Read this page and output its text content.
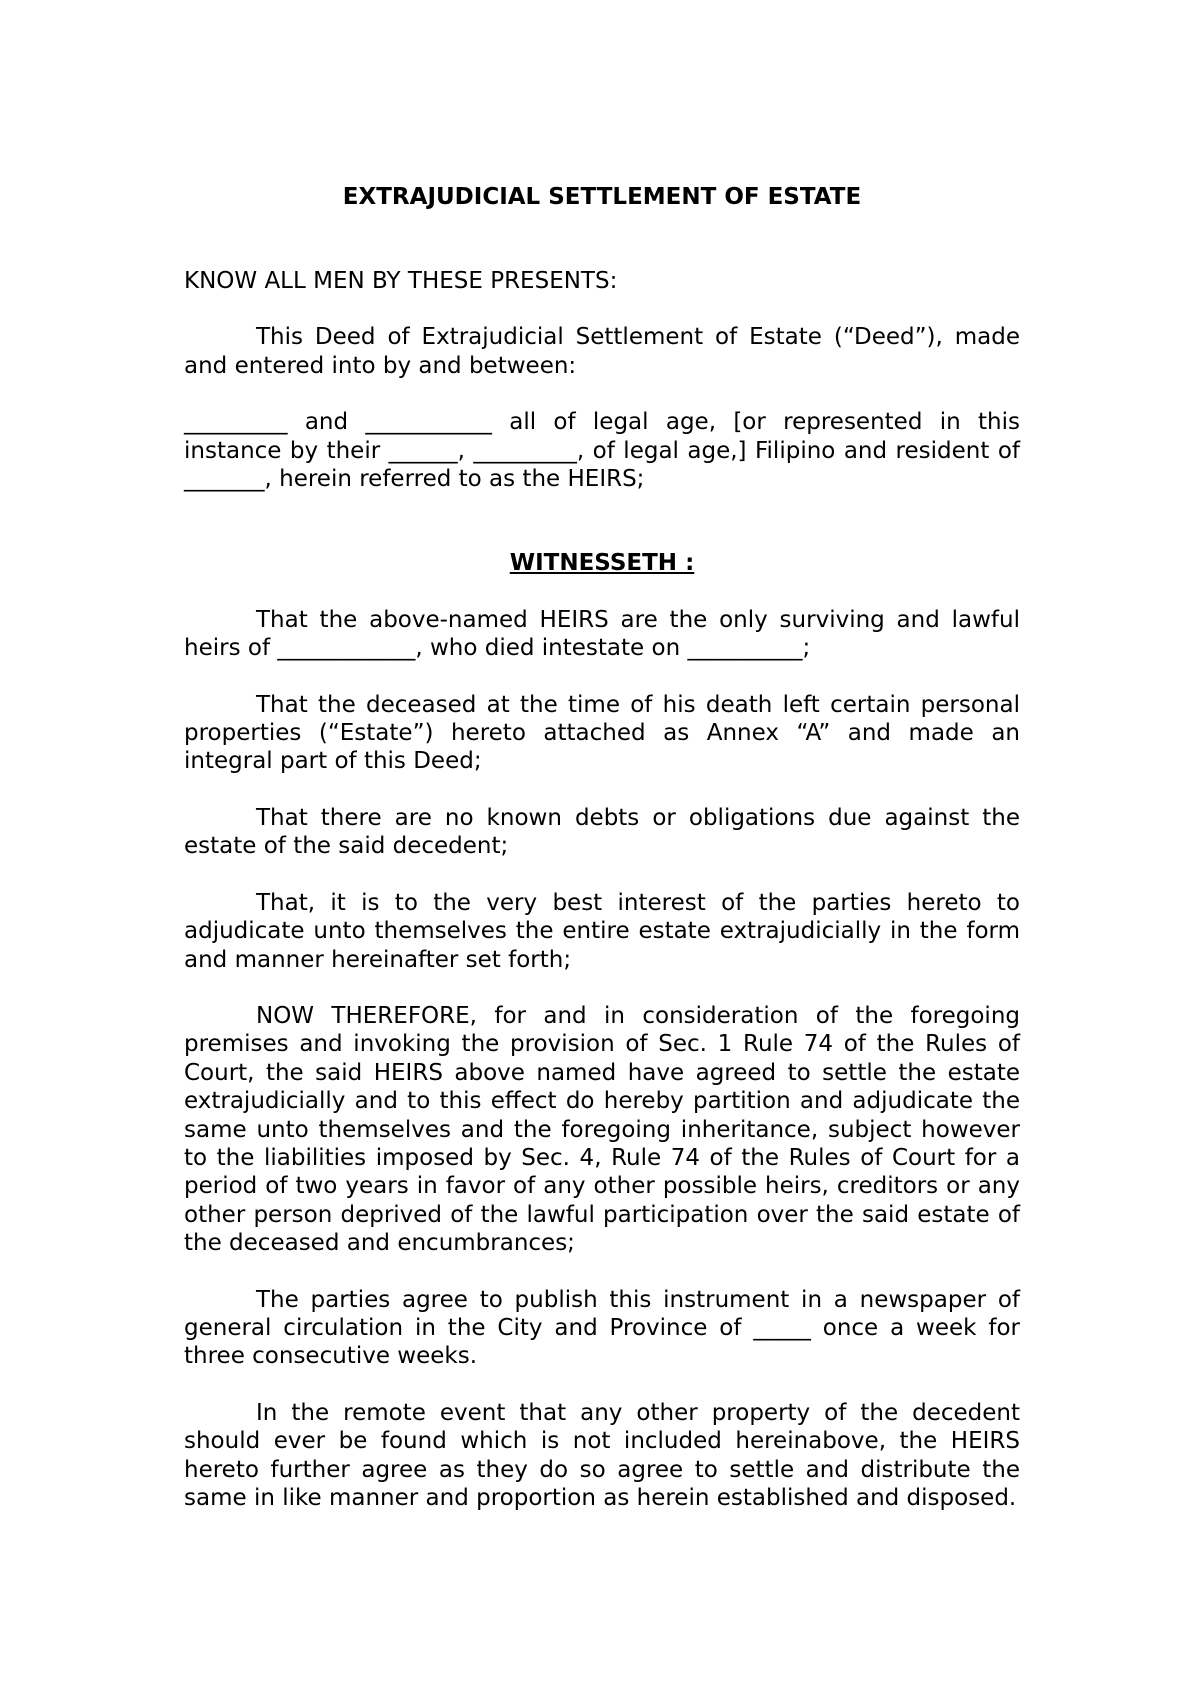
EXTRAJUDICIAL SETTLEMENT OF ESTATE

KNOW ALL MEN BY THESE PRESENTS:

This Deed of Extrajudicial Settlement of Estate (“Deed”), made and entered into by and between:

_________ and ___________ all of legal age, [or represented in this instance by their ______, _________, of legal age,] Filipino and resident of _______, herein referred to as the HEIRS;

WITNESSETH :

That the above-named HEIRS are the only surviving and lawful heirs of ____________, who died intestate on __________;

That the deceased at the time of his death left certain personal properties (“Estate”) hereto attached as Annex “A” and made an integral part of this Deed;

That there are no known debts or obligations due against the estate of the said decedent;

That, it is to the very best interest of the parties hereto to adjudicate unto themselves the entire estate extrajudicially in the form and manner hereinafter set forth;

NOW THEREFORE, for and in consideration of the foregoing premises and invoking the provision of Sec. 1 Rule 74 of the Rules of Court, the said HEIRS above named have agreed to settle the estate extrajudicially and to this effect do hereby partition and adjudicate the same unto themselves and the foregoing inheritance, subject however to the liabilities imposed by Sec. 4, Rule 74 of the Rules of Court for a period of two years in favor of any other possible heirs, creditors or any other person deprived of the lawful participation over the said estate of the deceased and encumbrances;

The parties agree to publish this instrument in a newspaper of general circulation in the City and Province of _____ once a week for three consecutive weeks.

In the remote event that any other property of the decedent should ever be found which is not included hereinabove, the HEIRS hereto further agree as they do so agree to settle and distribute the same in like manner and proportion as herein established and disposed.
